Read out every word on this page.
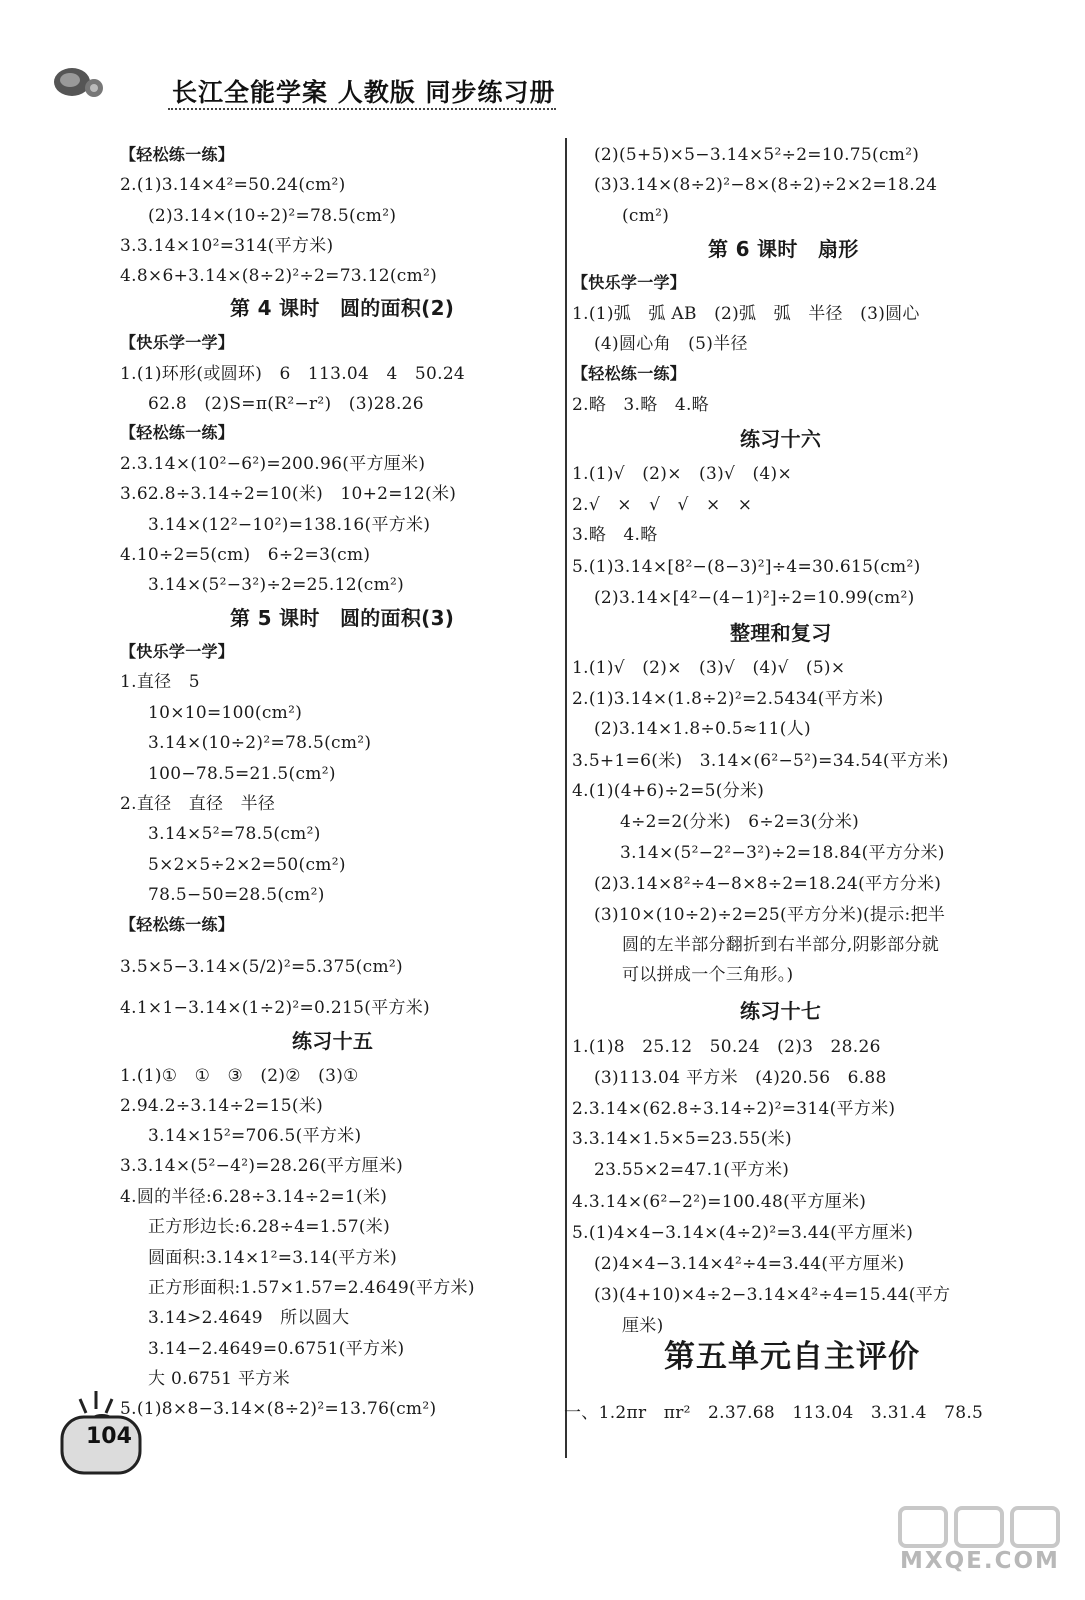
长江全能学案 人教版 同步练习册
【轻松练一练】
2.(1)3.14×4²=50.24(cm²)
(2)3.14×(10÷2)²=78.5(cm²)
3.3.14×10²=314(平方米)
4.8×6+3.14×(8÷2)²÷2=73.12(cm²)
第 4 课时　圆的面积(2)
【快乐学一学】
1.(1)环形(或圆环)　6　113.04　4　50.24
62.8　(2)S=π(R²−r²)　(3)28.26
【轻松练一练】
2.3.14×(10²−6²)=200.96(平方厘米)
3.62.8÷3.14÷2=10(米)　10+2=12(米)
3.14×(12²−10²)=138.16(平方米)
4.10÷2=5(cm)　6÷2=3(cm)
3.14×(5²−3²)÷2=25.12(cm²)
第 5 课时　圆的面积(3)
【快乐学一学】
1.直径　5
10×10=100(cm²)
3.14×(10÷2)²=78.5(cm²)
100−78.5=21.5(cm²)
2.直径　直径　半径
3.14×5²=78.5(cm²)
5×2×5÷2×2=50(cm²)
78.5−50=28.5(cm²)
【轻松练一练】
3.5×5−3.14×(5/2)²=5.375(cm²)
4.1×1−3.14×(1÷2)²=0.215(平方米)
练习十五
1.(1)①　①　③　(2)②　(3)①
2.94.2÷3.14÷2=15(米)
3.14×15²=706.5(平方米)
3.3.14×(5²−4²)=28.26(平方厘米)
4.圆的半径:6.28÷3.14÷2=1(米)
正方形边长:6.28÷4=1.57(米)
圆面积:3.14×1²=3.14(平方米)
正方形面积:1.57×1.57=2.4649(平方米)
3.14>2.4649　所以圆大
3.14−2.4649=0.6751(平方米)
大 0.6751 平方米
5.(1)8×8−3.14×(8÷2)²=13.76(cm²)
(2)(5+5)×5−3.14×5²÷2=10.75(cm²)
(3)3.14×(8÷2)²−8×(8÷2)÷2×2=18.24
(cm²)
第 6 课时　扇形
【快乐学一学】
1.(1)弧　弧 AB　(2)弧　弧　半径　(3)圆心
(4)圆心角　(5)半径
【轻松练一练】
2.略　3.略　4.略
练习十六
1.(1)√　(2)×　(3)√　(4)×
2.√　×　√　√　×　×
3.略　4.略
5.(1)3.14×[8²−(8−3)²]÷4=30.615(cm²)
(2)3.14×[4²−(4−1)²]÷2=10.99(cm²)
整理和复习
1.(1)√　(2)×　(3)√　(4)√　(5)×
2.(1)3.14×(1.8÷2)²=2.5434(平方米)
(2)3.14×1.8÷0.5≈11(人)
3.5+1=6(米)　3.14×(6²−5²)=34.54(平方米)
4.(1)(4+6)÷2=5(分米)
4÷2=2(分米)　6÷2=3(分米)
3.14×(5²−2²−3²)÷2=18.84(平方分米)
(2)3.14×8²÷4−8×8÷2=18.24(平方分米)
(3)10×(10÷2)÷2=25(平方分米)(提示:把半
圆的左半部分翻折到右半部分,阴影部分就
可以拼成一个三角形。)
练习十七
1.(1)8　25.12　50.24　(2)3　28.26
(3)113.04 平方米　(4)20.56　6.88
2.3.14×(62.8÷3.14÷2)²=314(平方米)
3.3.14×1.5×5=23.55(米)
23.55×2=47.1(平方米)
4.3.14×(6²−2²)=100.48(平方厘米)
5.(1)4×4−3.14×(4÷2)²=3.44(平方厘米)
(2)4×4−3.14×4²÷4=3.44(平方厘米)
(3)(4+10)×4÷2−3.14×4²÷4=15.44(平方
厘米)
第五单元自主评价
一、1.2πr　πr²　2.37.68　113.04　3.31.4　78.5
104
MXQE.COM
